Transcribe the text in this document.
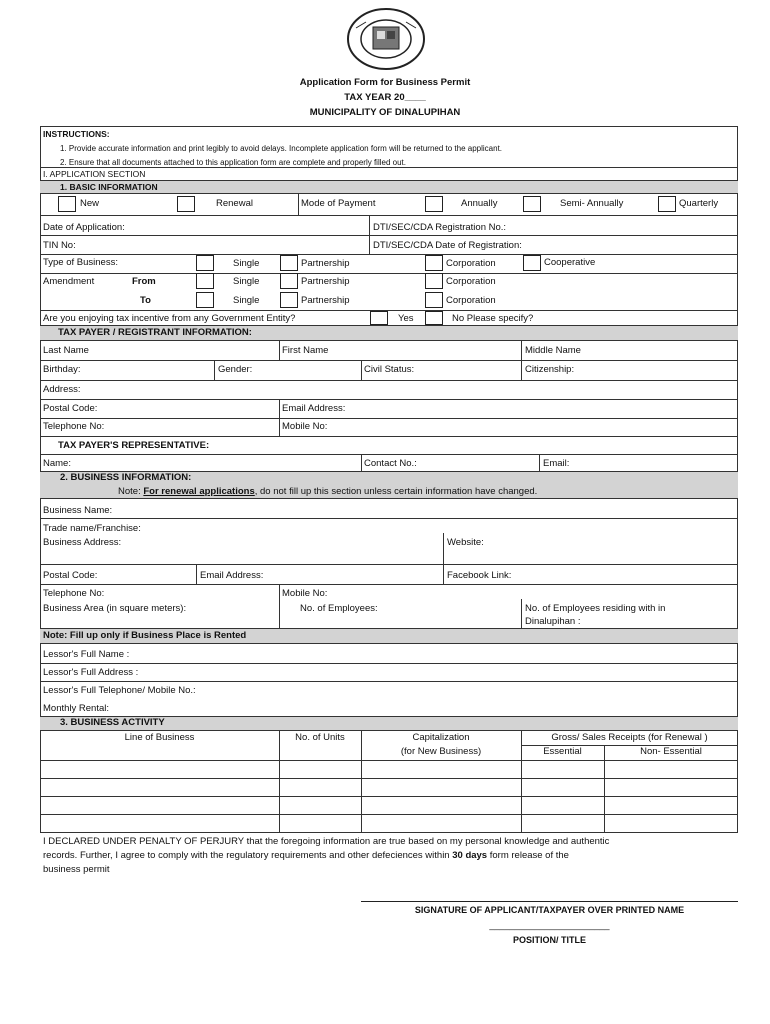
Application Form for Business Permit
TAX YEAR 20____
MUNICIPALITY OF DINALUPIHAN
INSTRUCTIONS:
1. Provide accurate information and print legibly to avoid delays. Incomplete application form will be returned to the applicant.
2. Ensure that all documents attached to this application form are complete and properly filled out.
I. APPLICATION SECTION
1. BASIC INFORMATION
New	Renewal	Mode of Payment	Annually	Semi- Annually	Quarterly
Date of Application:	DTI/SEC/CDA Registration No.:
TIN No:	DTI/SEC/CDA Date of Registration:
Type of Business:	Single	Partnership	Corporation	Cooperative
Amendment	From	Single	Partnership	Corporation
To	Single	Partnership	Corporation
Are you enjoying tax incentive from any Government Entity?	Yes	No Please specify?
TAX PAYER / REGISTRANT INFORMATION:
Last Name	First Name	Middle Name
Birthday:	Gender:	Civil Status:	Citizenship:
Address:
Postal Code:	Email Address:
Telephone No:	Mobile No:
TAX PAYER'S REPRESENTATIVE:
Name:	Contact No.:	Email:
2. BUSINESS INFORMATION:
Note: For renewal applications, do not fill up this section unless certain information have changed.
Business Name:
Trade name/Franchise:
Business Address:	Website:
Postal Code:	Email Address:	Facebook Link:
Telephone No:	Mobile No:
Business Area (in square meters):	No. of Employees:	No. of Employees residing with in
Dinalupihan :
Note: Fill up only if Business Place is Rented
Lessor's Full Name :
Lessor's Full Address :
Lessor's Full Telephone/ Mobile No.:
Monthly Rental:
3. BUSINESS ACTIVITY
Line of Business	No. of Units	Capitalization
(for New Business)
Gross/ Sales Receipts (for Renewal )
Essential	Non- Essential
I DECLARED UNDER PENALTY OF PERJURY that the foregoing information are true based on my personal knowledge and authentic
records. Further, I agree to comply with the regulatory requirements and other defeciences within 30 days form release of the
business permit
SIGNATURE OF APPLICANT/TAXPAYER OVER PRINTED NAME
________________________
POSITION/ TITLE
